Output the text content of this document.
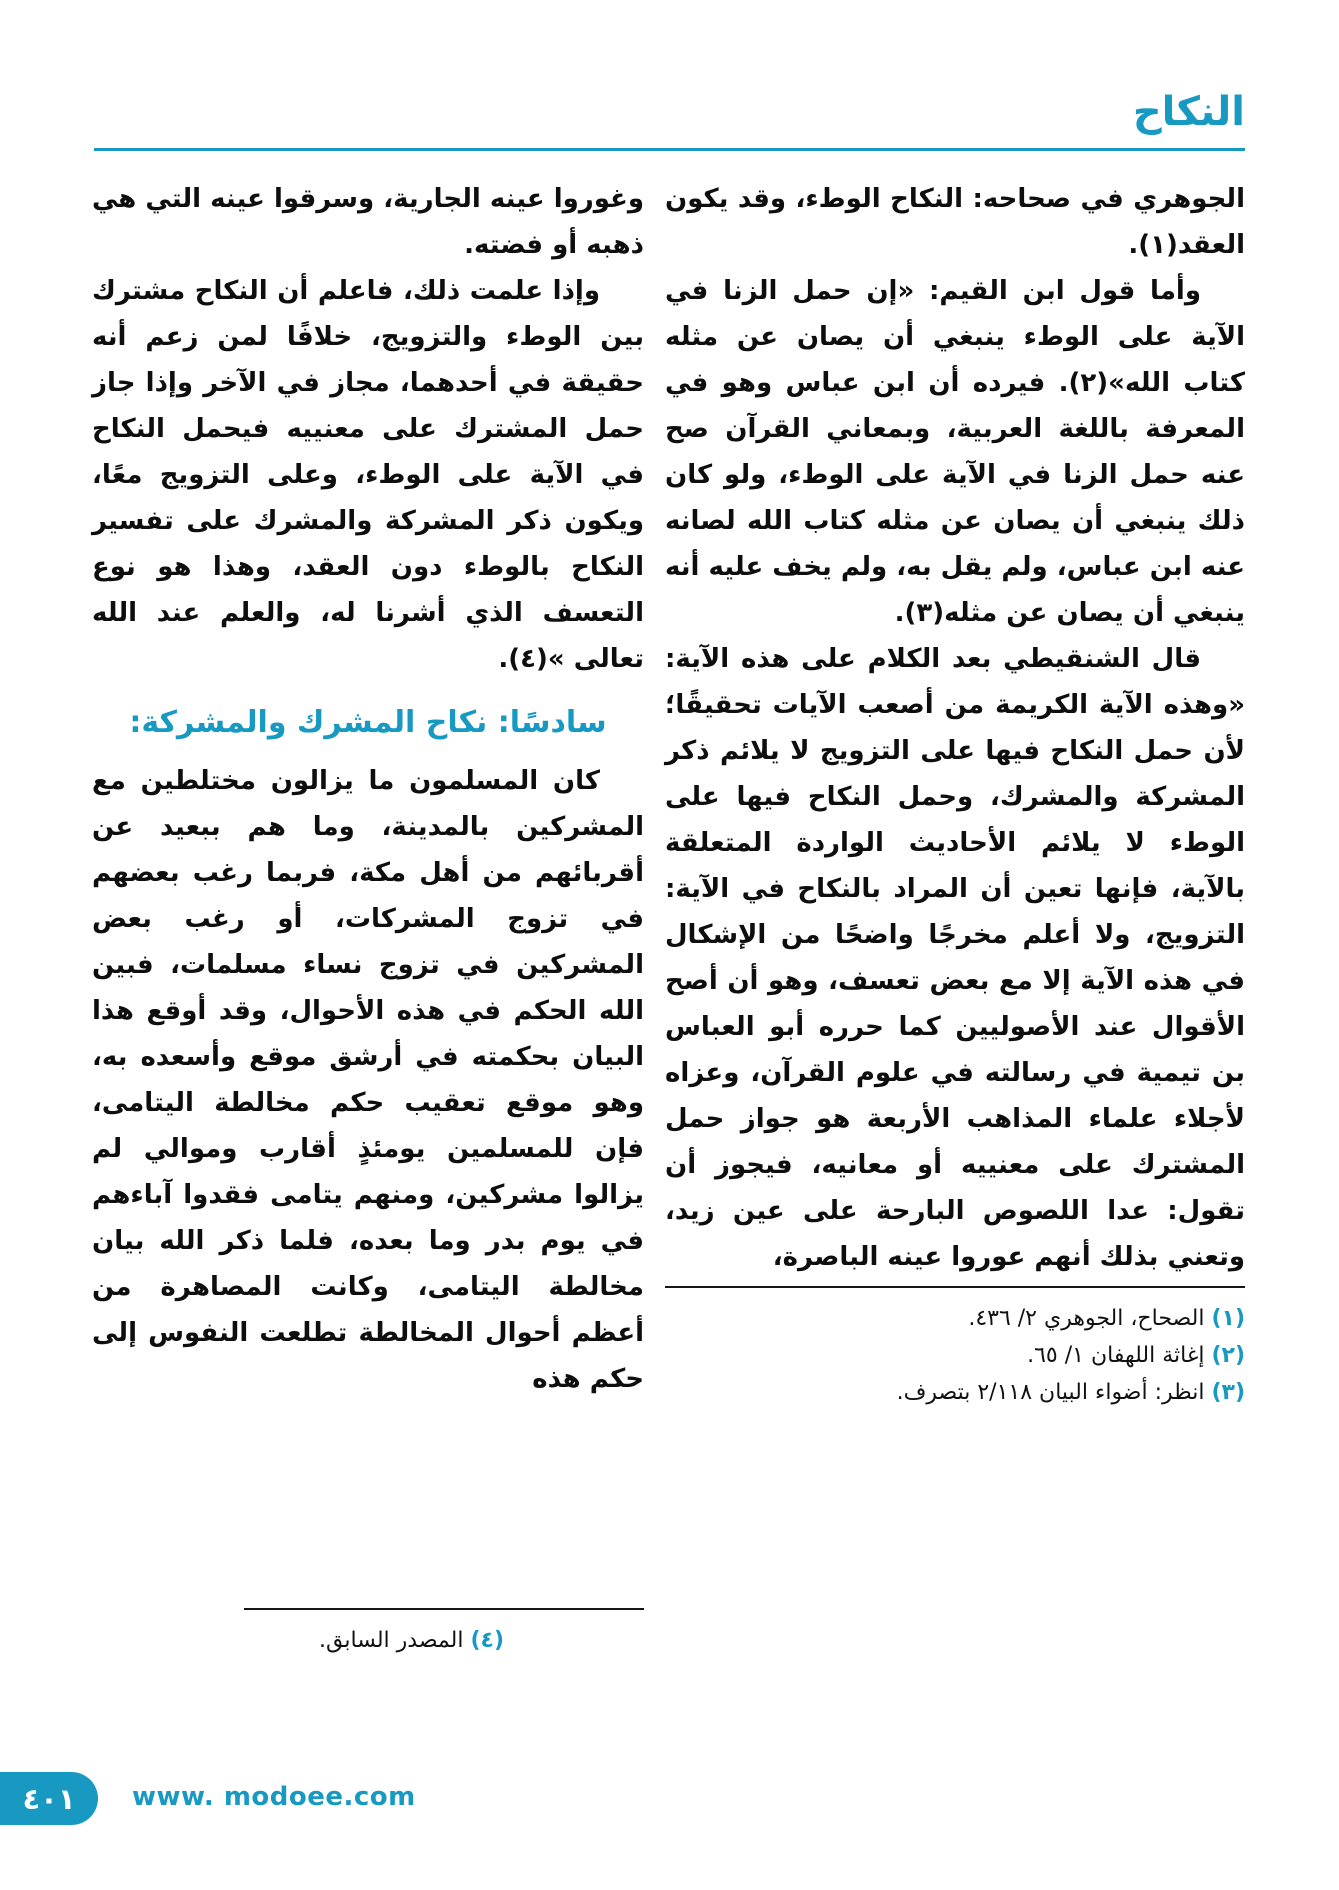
النكاح

الجوهري في صحاحه: النكاح الوطء، وقد يكون العقد(١).

وأما قول ابن القيم: «إن حمل الزنا في الآية على الوطء ينبغي أن يصان عن مثله كتاب الله»(٢). فيرده أن ابن عباس وهو في المعرفة باللغة العربية، وبمعاني القرآن صح عنه حمل الزنا في الآية على الوطء، ولو كان ذلك ينبغي أن يصان عن مثله كتاب الله لصانه عنه ابن عباس، ولم يقل به، ولم يخف عليه أنه ينبغي أن يصان عن مثله(٣).

قال الشنقيطي بعد الكلام على هذه الآية: «وهذه الآية الكريمة من أصعب الآيات تحقيقًا؛ لأن حمل النكاح فيها على التزويج لا يلائم ذكر المشركة والمشرك، وحمل النكاح فيها على الوطء لا يلائم الأحاديث الواردة المتعلقة بالآية، فإنها تعين أن المراد بالنكاح في الآية: التزويج، ولا أعلم مخرجًا واضحًا من الإشكال في هذه الآية إلا مع بعض تعسف، وهو أن أصح الأقوال عند الأصوليين كما حرره أبو العباس بن تيمية في رسالته في علوم القرآن، وعزاه لأجلاء علماء المذاهب الأربعة هو جواز حمل المشترك على معنييه أو معانيه، فيجوز أن تقول: عدا اللصوص البارحة على عين زيد، وتعني بذلك أنهم عوروا عينه الباصرة،

(١) الصحاح، الجوهري ٢/ ٤٣٦.
(٢) إغاثة اللهفان ١/ ٦٥.
(٣) انظر: أضواء البيان ٢/١١٨ بتصرف.

وغوروا عينه الجارية، وسرقوا عينه التي هي ذهبه أو فضته.

وإذا علمت ذلك، فاعلم أن النكاح مشترك بين الوطء والتزويج، خلافًا لمن زعم أنه حقيقة في أحدهما، مجاز في الآخر وإذا جاز حمل المشترك على معنييه فيحمل النكاح في الآية على الوطء، وعلى التزويج معًا، ويكون ذكر المشركة والمشرك على تفسير النكاح بالوطء دون العقد، وهذا هو نوع التعسف الذي أشرنا له، والعلم عند الله تعالى »(٤).

سادسًا: نكاح المشرك والمشركة:

كان المسلمون ما يزالون مختلطين مع المشركين بالمدينة، وما هم ببعيد عن أقربائهم من أهل مكة، فربما رغب بعضهم في تزوج المشركات، أو رغب بعض المشركين في تزوج نساء مسلمات، فبين الله الحكم في هذه الأحوال، وقد أوقع هذا البيان بحكمته في أرشق موقع وأسعده به، وهو موقع تعقيب حكم مخالطة اليتامى، فإن للمسلمين يومئذٍ أقارب وموالي لم يزالوا مشركين، ومنهم يتامى فقدوا آباءهم في يوم بدر وما بعده، فلما ذكر الله بيان مخالطة اليتامى، وكانت المصاهرة من أعظم أحوال المخالطة تطلعت النفوس إلى حكم هذه

(٤) المصدر السابق.
٤٠١ www. modoee.com
